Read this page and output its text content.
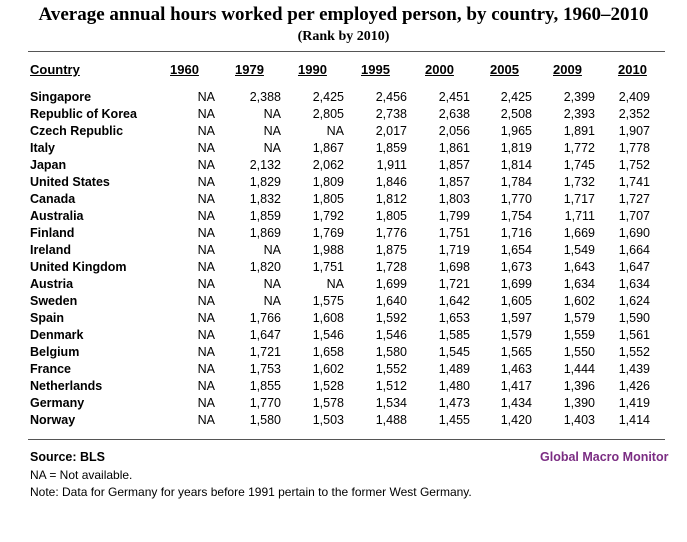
Average annual hours worked per employed person, by country, 1960–2010
(Rank by 2010)
Country	1960	1979	1990	1995	2000	2005	2009	2010
Singapore	NA	2,388	2,425	2,456	2,451	2,425	2,399	2,409
Republic of Korea	NA	NA	2,805	2,738	2,638	2,508	2,393	2,352
Czech Republic	NA	NA	NA	2,017	2,056	1,965	1,891	1,907
Italy	NA	NA	1,867	1,859	1,861	1,819	1,772	1,778
Japan	NA	2,132	2,062	1,911	1,857	1,814	1,745	1,752
United States	NA	1,829	1,809	1,846	1,857	1,784	1,732	1,741
Canada	NA	1,832	1,805	1,812	1,803	1,770	1,717	1,727
Australia	NA	1,859	1,792	1,805	1,799	1,754	1,711	1,707
Finland	NA	1,869	1,769	1,776	1,751	1,716	1,669	1,690
Ireland	NA	NA	1,988	1,875	1,719	1,654	1,549	1,664
United Kingdom	NA	1,820	1,751	1,728	1,698	1,673	1,643	1,647
Austria	NA	NA	NA	1,699	1,721	1,699	1,634	1,634
Sweden	NA	NA	1,575	1,640	1,642	1,605	1,602	1,624
Spain	NA	1,766	1,608	1,592	1,653	1,597	1,579	1,590
Denmark	NA	1,647	1,546	1,546	1,585	1,579	1,559	1,561
Belgium	NA	1,721	1,658	1,580	1,545	1,565	1,550	1,552
France	NA	1,753	1,602	1,552	1,489	1,463	1,444	1,439
Netherlands	NA	1,855	1,528	1,512	1,480	1,417	1,396	1,426
Germany	NA	1,770	1,578	1,534	1,473	1,434	1,390	1,419
Norway	NA	1,580	1,503	1,488	1,455	1,420	1,403	1,414
Source: BLS
NA = Not available.
Note: Data for Germany for years before 1991 pertain to the former West Germany.
Global Macro Monitor
